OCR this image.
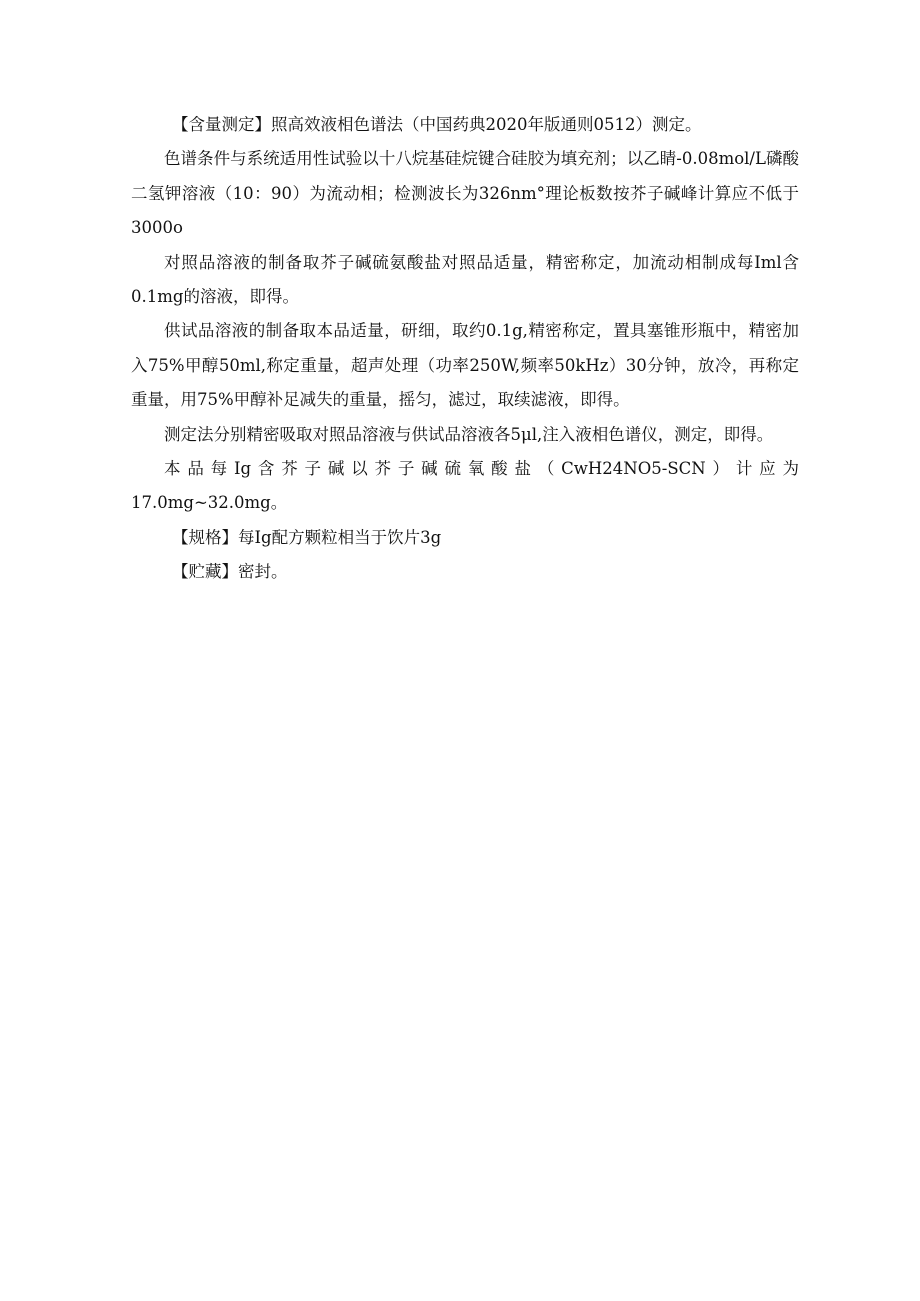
【含量测定】照高效液相色谱法（中国药典2020年版通则0512）测定。

色谱条件与系统适用性试验以十八烷基硅烷键合硅胶为填充剂；以乙睛-0.08mol/L磷酸二氢钾溶液（10：90）为流动相；检测波长为326nm°理论板数按芥子碱峰计算应不低于3000o

对照品溶液的制备取芥子碱硫氨酸盐对照品适量，精密称定，加流动相制成每Iml含0.1mg的溶液，即得。

供试品溶液的制备取本品适量，研细，取约0.1g,精密称定，置具塞锥形瓶中，精密加入75%甲醇50ml,称定重量，超声处理（功率250W,频率50kHz）30分钟，放冷，再称定重量，用75%甲醇补足减失的重量，摇匀，滤过，取续滤液，即得。

测定法分别精密吸取对照品溶液与供试品溶液各5μl,注入液相色谱仪，测定，即得。

本品每Ig含芥子碱以芥子碱硫氧酸盐（CwH24NO5-SCN）计应为17.0mg~32.0mg。

【规格】每Ig配方颗粒相当于饮片3g

【贮藏】密封。
